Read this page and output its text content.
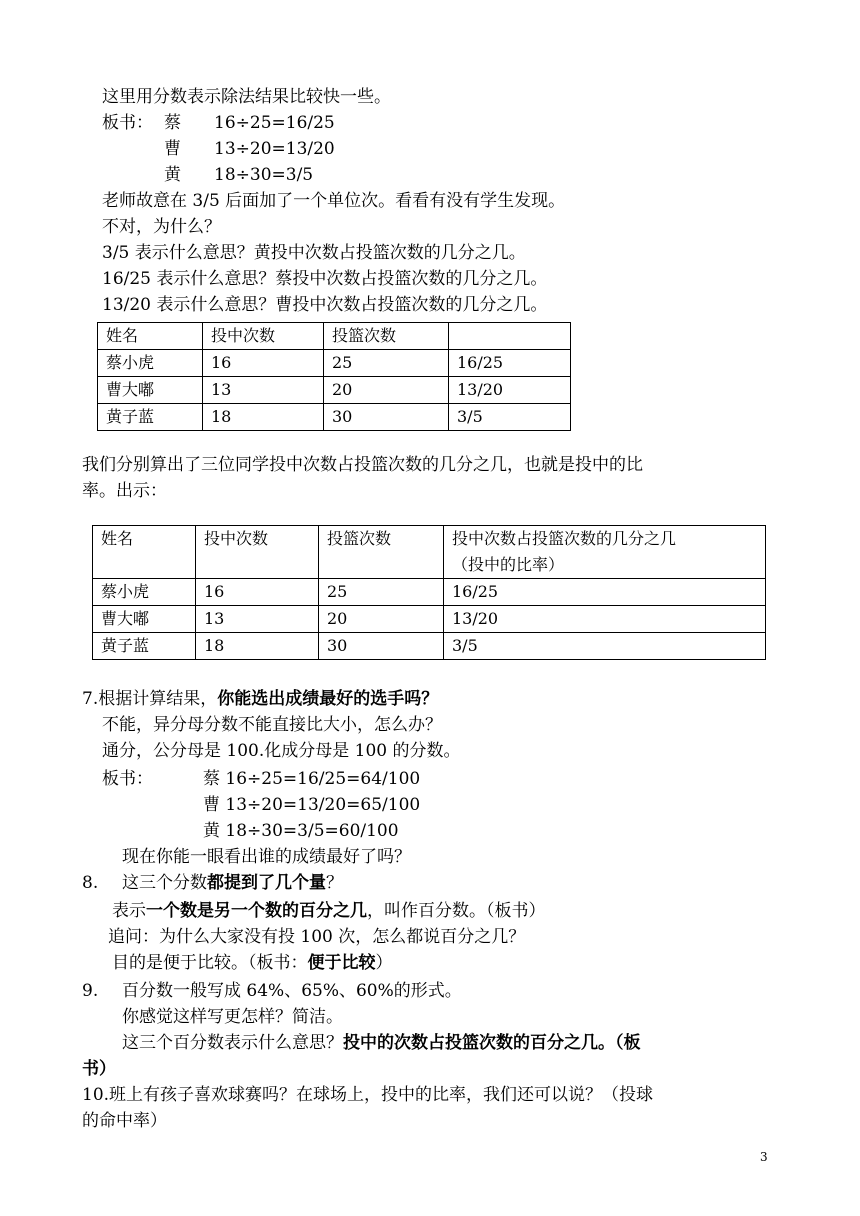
这里用分数表示除法结果比较快一些。
板书： 蔡 16÷25=16/25
曹 13÷20=13/20
黄 18÷30=3/5
老师故意在 3/5 后面加了一个单位次。看看有没有学生发现。
不对，为什么？
3/5 表示什么意思？黄投中次数占投篮次数的几分之几。
16/25 表示什么意思？蔡投中次数占投篮次数的几分之几。
13/20 表示什么意思？曹投中次数占投篮次数的几分之几。
姓名	投中次数	投篮次数	
蔡小虎	16	25	16/25
曹大嘟	13	20	13/20
黄子蓝	18	30	3/5
我们分别算出了三位同学投中次数占投篮次数的几分之几，也就是投中的比
率。出示：
姓名	投中次数	投篮次数	投中次数占投篮次数的几分之几
（投中的比率）

蔡小虎	16	25	16/25
曹大嘟	13	20	13/20
黄子蓝	18	30	3/5
7.根据计算结果，你能选出成绩最好的选手吗？
不能，异分母分数不能直接比大小，怎么办？
通分，公分母是 100.化成分母是 100 的分数。
板书：	蔡 16÷25=16/25=64/100
曹 13÷20=13/20=65/100
黄 18÷30=3/5=60/100
现在你能一眼看出谁的成绩最好了吗？
8. 这三个分数都提到了几个量？
表示一个数是另一个数的百分之几，叫作百分数。（板书）
追问：为什么大家没有投 100 次，怎么都说百分之几？
目的是便于比较。（板书：便于比较）
9. 百分数一般写成 64%、65%、60%的形式。
你感觉这样写更怎样？简洁。
这三个百分数表示什么意思？投中的次数占投篮次数的百分之几。（板
书）
10.班上有孩子喜欢球赛吗？在球场上，投中的比率，我们还可以说？（投球
的命中率）
3
